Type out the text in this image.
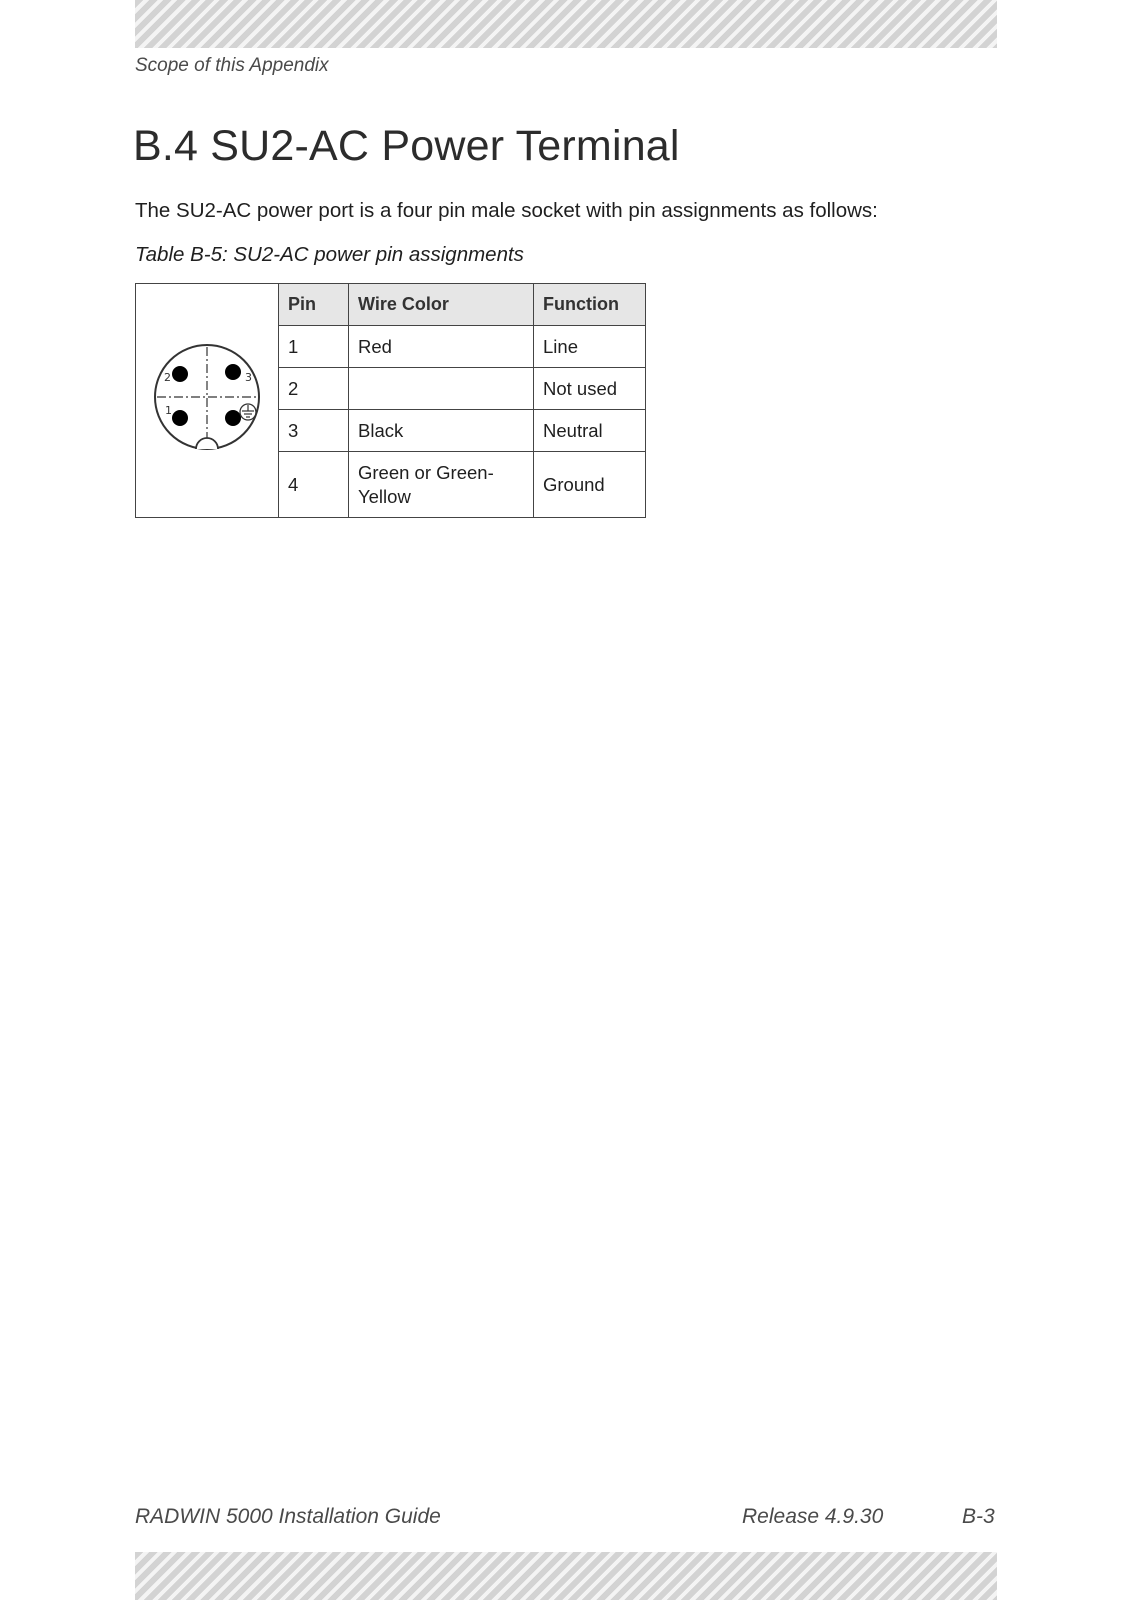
Scope of this Appendix
B.4 SU2-AC Power Terminal

The SU2-AC power port is a four pin male socket with pin assignments as follows:

Table B-5: SU2-AC power pin assignments

2 3
1	Pin	Wire Color	Function
	1	Red	Line
	2		Not used
	3	Black	Neutral
	4	Green or Green-Yellow	Ground
RADWIN 5000 Installation Guide	Release 4.9.30	B-3
